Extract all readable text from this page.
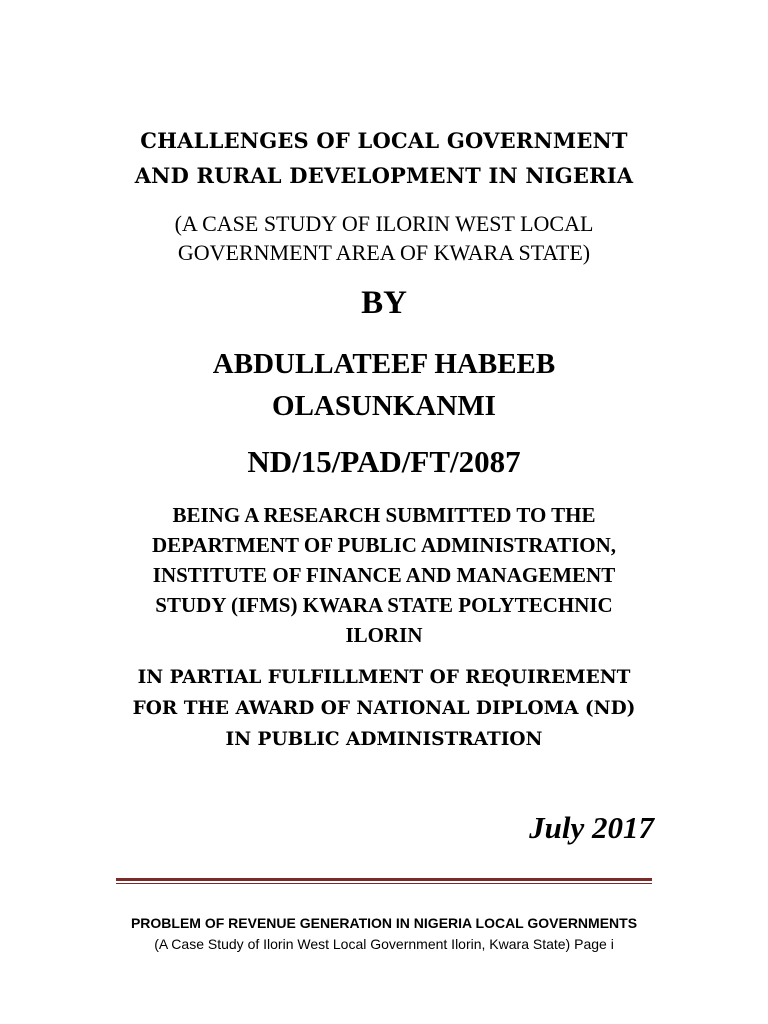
CHALLENGES OF LOCAL GOVERNMENT
AND RURAL DEVELOPMENT IN NIGERIA
(A CASE STUDY OF ILORIN WEST LOCAL
GOVERNMENT AREA OF KWARA STATE)
BY
ABDULLATEEF HABEEB
OLASUNKANMI
ND/15/PAD/FT/2087
BEING A RESEARCH SUBMITTED TO THE
DEPARTMENT OF PUBLIC ADMINISTRATION,
INSTITUTE OF FINANCE AND MANAGEMENT
STUDY (IFMS) KWARA STATE POLYTECHNIC
ILORIN
IN PARTIAL FULFILLMENT OF REQUIREMENT
FOR THE AWARD OF NATIONAL DIPLOMA (ND)
IN PUBLIC ADMINISTRATION
July 2017
PROBLEM OF REVENUE GENERATION IN NIGERIA LOCAL GOVERNMENTS
(A Case Study of Ilorin West Local Government Ilorin, Kwara State) Page i
